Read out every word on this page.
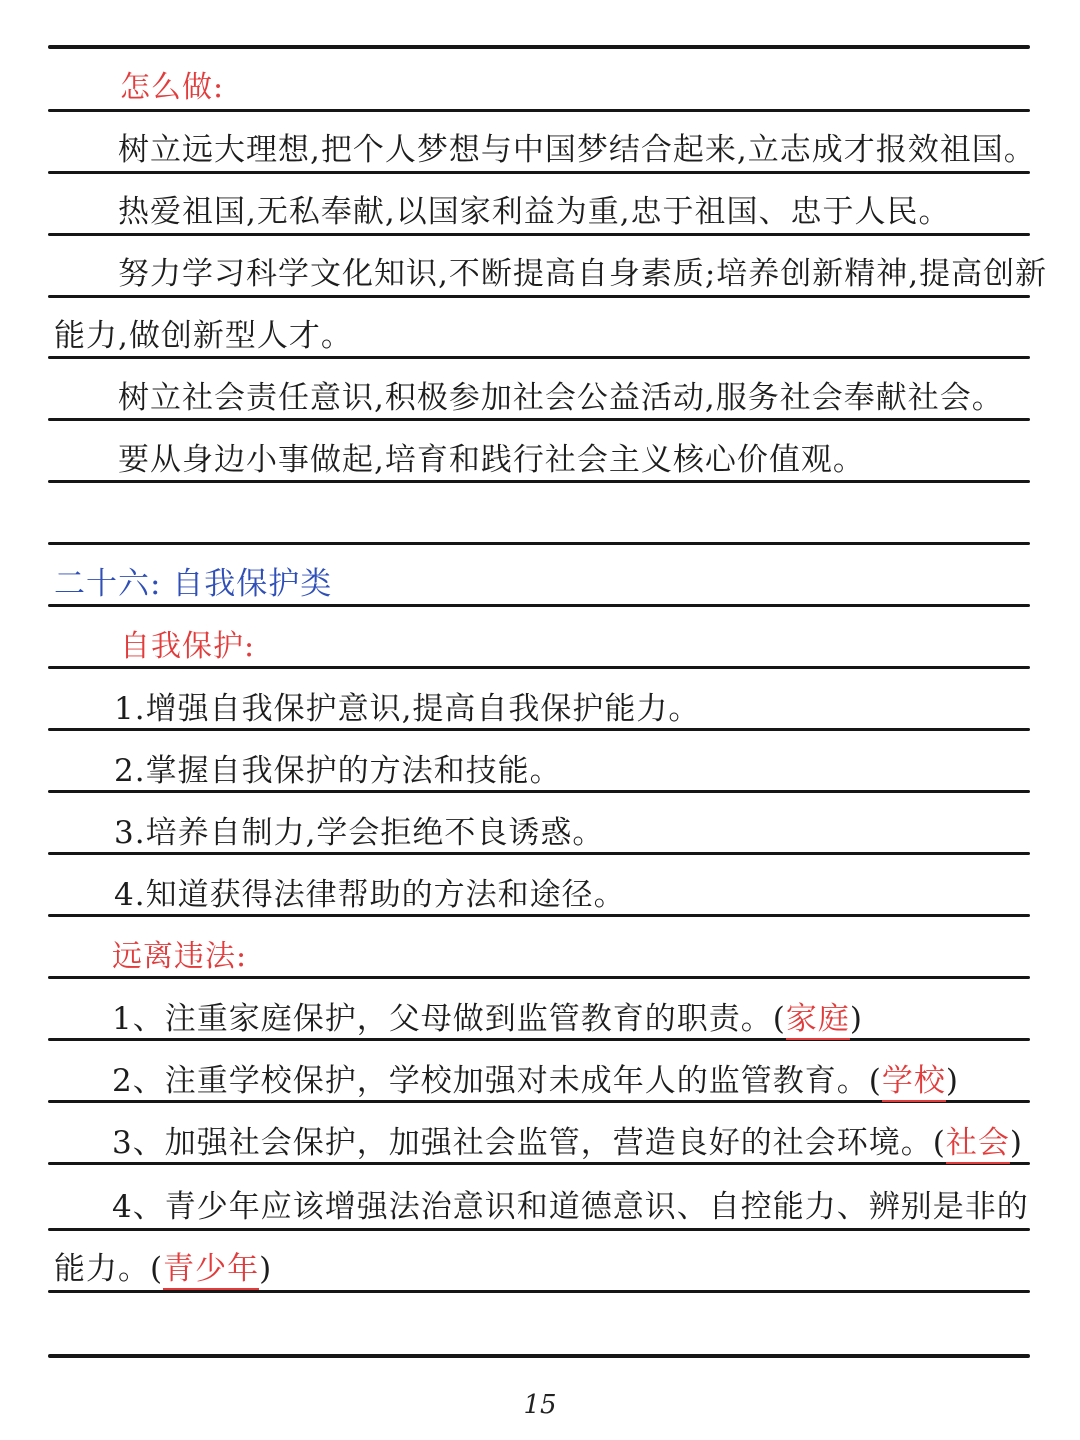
怎么做:
树立远大理想,把个人梦想与中国梦结合起来,立志成才报效祖国。
热爱祖国,无私奉献,以国家利益为重,忠于祖国、忠于人民。
努力学习科学文化知识,不断提高自身素质;培养创新精神,提高创新
能力,做创新型人才。
树立社会责任意识,积极参加社会公益活动,服务社会奉献社会。
要从身边小事做起,培育和践行社会主义核心价值观。
二十六: 自我保护类
自我保护:
1.增强自我保护意识,提高自我保护能力。
2.掌握自我保护的方法和技能。
3.培养自制力,学会拒绝不良诱惑。
4.知道获得法律帮助的方法和途径。
远离违法:
1、注重家庭保护，父母做到监管教育的职责。(家庭)
2、注重学校保护，学校加强对未成年人的监管教育。(学校)
3、加强社会保护，加强社会监管，营造良好的社会环境。(社会)
4、青少年应该增强法治意识和道德意识、自控能力、辨别是非的
能力。(青少年)
15
